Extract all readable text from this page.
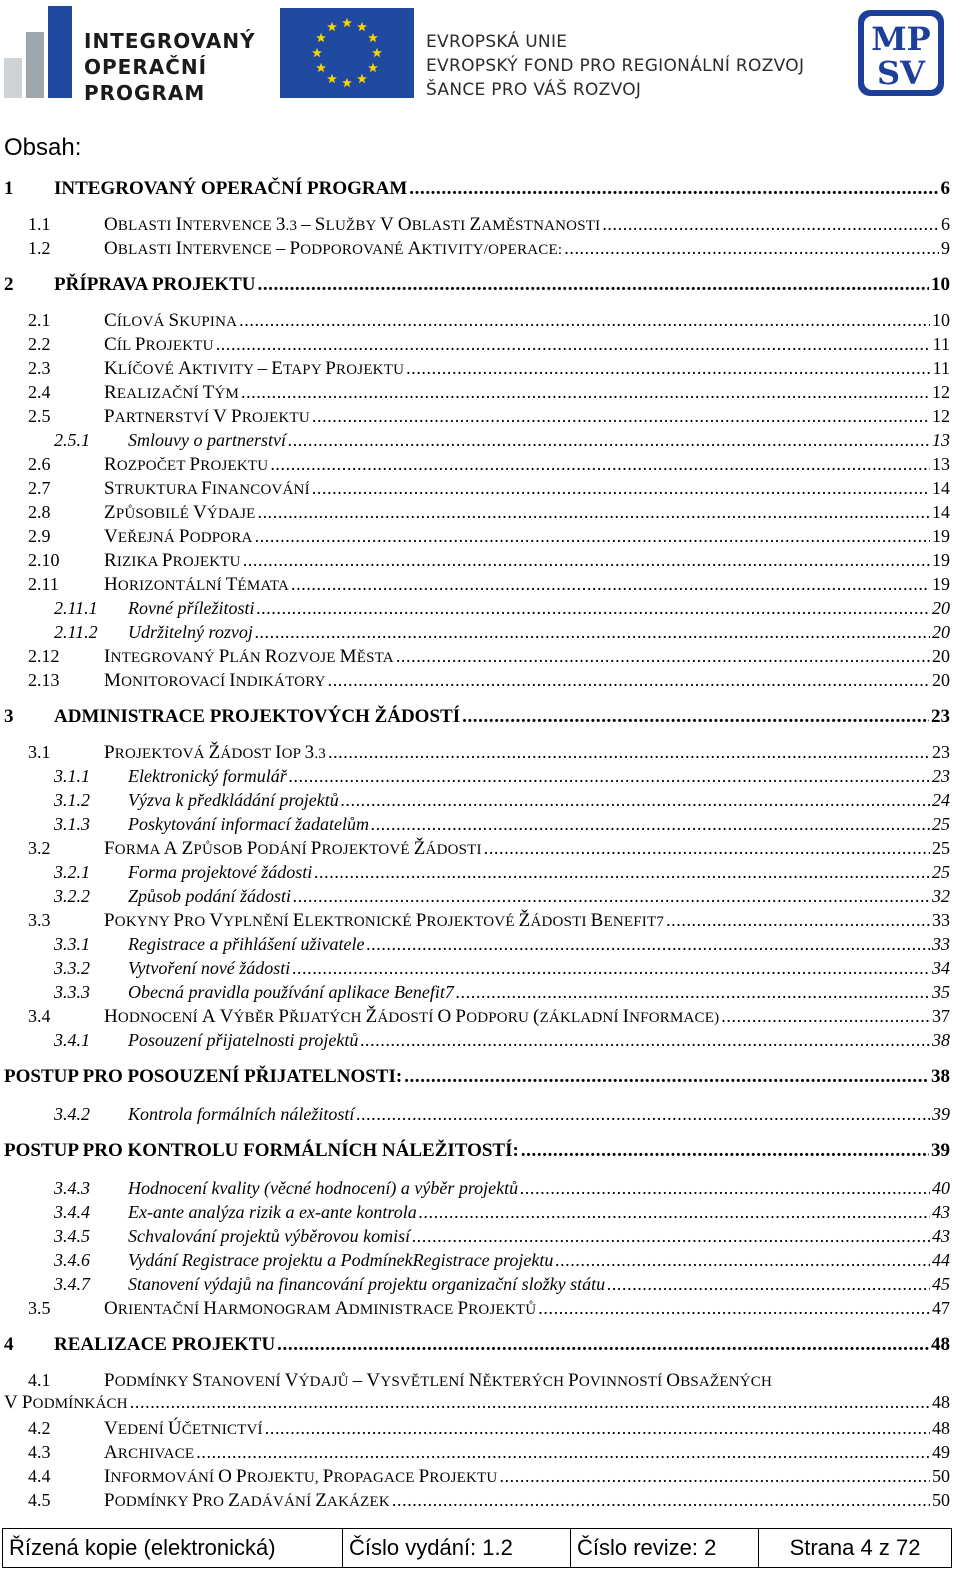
INTEGROVANÝ
OPERAČNÍ
PROGRAM
EVROPSKÁ UNIE
EVROPSKÝ FOND PRO REGIONÁLNÍ ROZVOJ
ŠANCE PRO VÁŠ ROZVOJ
MP
SV
Obsah:
1	INTEGROVANÝ OPERAČNÍ PROGRAM .....	6
1.1	OBLASTI INTERVENCE 3.3 – SLUŽBY V OBLASTI ZAMĚSTNANOSTI .....	6
1.2	OBLASTI INTERVENCE – PODPOROVANÉ AKTIVITY/OPERACE: .....	9
2	PŘÍPRAVA PROJEKTU .....	10
2.1	CÍLOVÁ SKUPINA .....	10
2.2	CÍL PROJEKTU .....	11
2.3	KLÍČOVÉ AKTIVITY – ETAPY PROJEKTU .....	11
2.4	REALIZAČNÍ TÝM .....	12
2.5	PARTNERSTVÍ V PROJEKTU .....	12
2.5.1	Smlouvy o partnerství .....	13
2.6	ROZPOČET PROJEKTU .....	13
2.7	STRUKTURA FINANCOVÁNÍ .....	14
2.8	ZPŮSOBILÉ VÝDAJE .....	14
2.9	VEŘEJNÁ PODPORA .....	19
2.10	RIZIKA PROJEKTU .....	19
2.11	HORIZONTÁLNÍ TÉMATA .....	19
2.11.1	Rovné příležitosti .....	20
2.11.2	Udržitelný rozvoj .....	20
2.12	INTEGROVANÝ PLÁN ROZVOJE MĚSTA .....	20
2.13	MONITOROVACÍ INDIKÁTORY .....	20
3	ADMINISTRACE PROJEKTOVÝCH ŽÁDOSTÍ .....	23
3.1	PROJEKTOVÁ ŽÁDOST IOP 3.3 .....	23
3.1.1	Elektronický formulář .....	23
3.1.2	Výzva k předkládání projektů .....	24
3.1.3	Poskytování informací žadatelům .....	25
3.2	FORMA A ZPŮSOB PODÁNÍ PROJEKTOVÉ ŽÁDOSTI .....	25
3.2.1	Forma projektové žádosti .....	25
3.2.2	Způsob podání žádosti .....	32
3.3	POKYNY PRO VYPLNĚNÍ ELEKTRONICKÉ PROJEKTOVÉ ŽÁDOSTI BENEFIT7 .....	33
3.3.1	Registrace a přihlášení uživatele .....	33
3.3.2	Vytvoření nové žádosti .....	34
3.3.3	Obecná pravidla používání aplikace Benefit7 .....	35
3.4	HODNOCENÍ A VÝBĚR PŘIJATÝCH ŽÁDOSTÍ O PODPORU (ZÁKLADNÍ INFORMACE) .....	37
3.4.1	Posouzení přijatelnosti projektů .....	38
POSTUP PRO POSOUZENÍ PŘIJATELNOSTI: .....	38
3.4.2	Kontrola formálních náležitostí .....	39
POSTUP PRO KONTROLU FORMÁLNÍCH NÁLEŽITOSTÍ: .....	39
3.4.3	Hodnocení kvality (věcné hodnocení) a výběr projektů .....	40
3.4.4	Ex-ante analýza rizik a ex-ante kontrola .....	43
3.4.5	Schvalování projektů výběrovou komisí .....	43
3.4.6	Vydání Registrace projektu a PodmínekRegistrace projektu .....	44
3.4.7	Stanovení výdajů na financování projektu organizační složky státu .....	45
3.5	ORIENTAČNÍ HARMONOGRAM ADMINISTRACE PROJEKTŮ .....	47
4	REALIZACE PROJEKTU .....	48
4.1	PODMÍNKY STANOVENÍ VÝDAJŮ – VYSVĚTLENÍ NĚKTERÝCH POVINNOSTÍ OBSAŽENÝCH
V PODMÍNKÁCH .....	48
4.2	VEDENÍ ÚČETNICTVÍ .....	48
4.3	ARCHIVACE .....	49
4.4	INFORMOVÁNÍ O PROJEKTU, PROPAGACE PROJEKTU .....	50
4.5	PODMÍNKY PRO ZADÁVÁNÍ ZAKÁZEK .....	50
Řízená kopie (elektronická)	Číslo vydání: 1.2	Číslo revize: 2	Strana 4 z 72
